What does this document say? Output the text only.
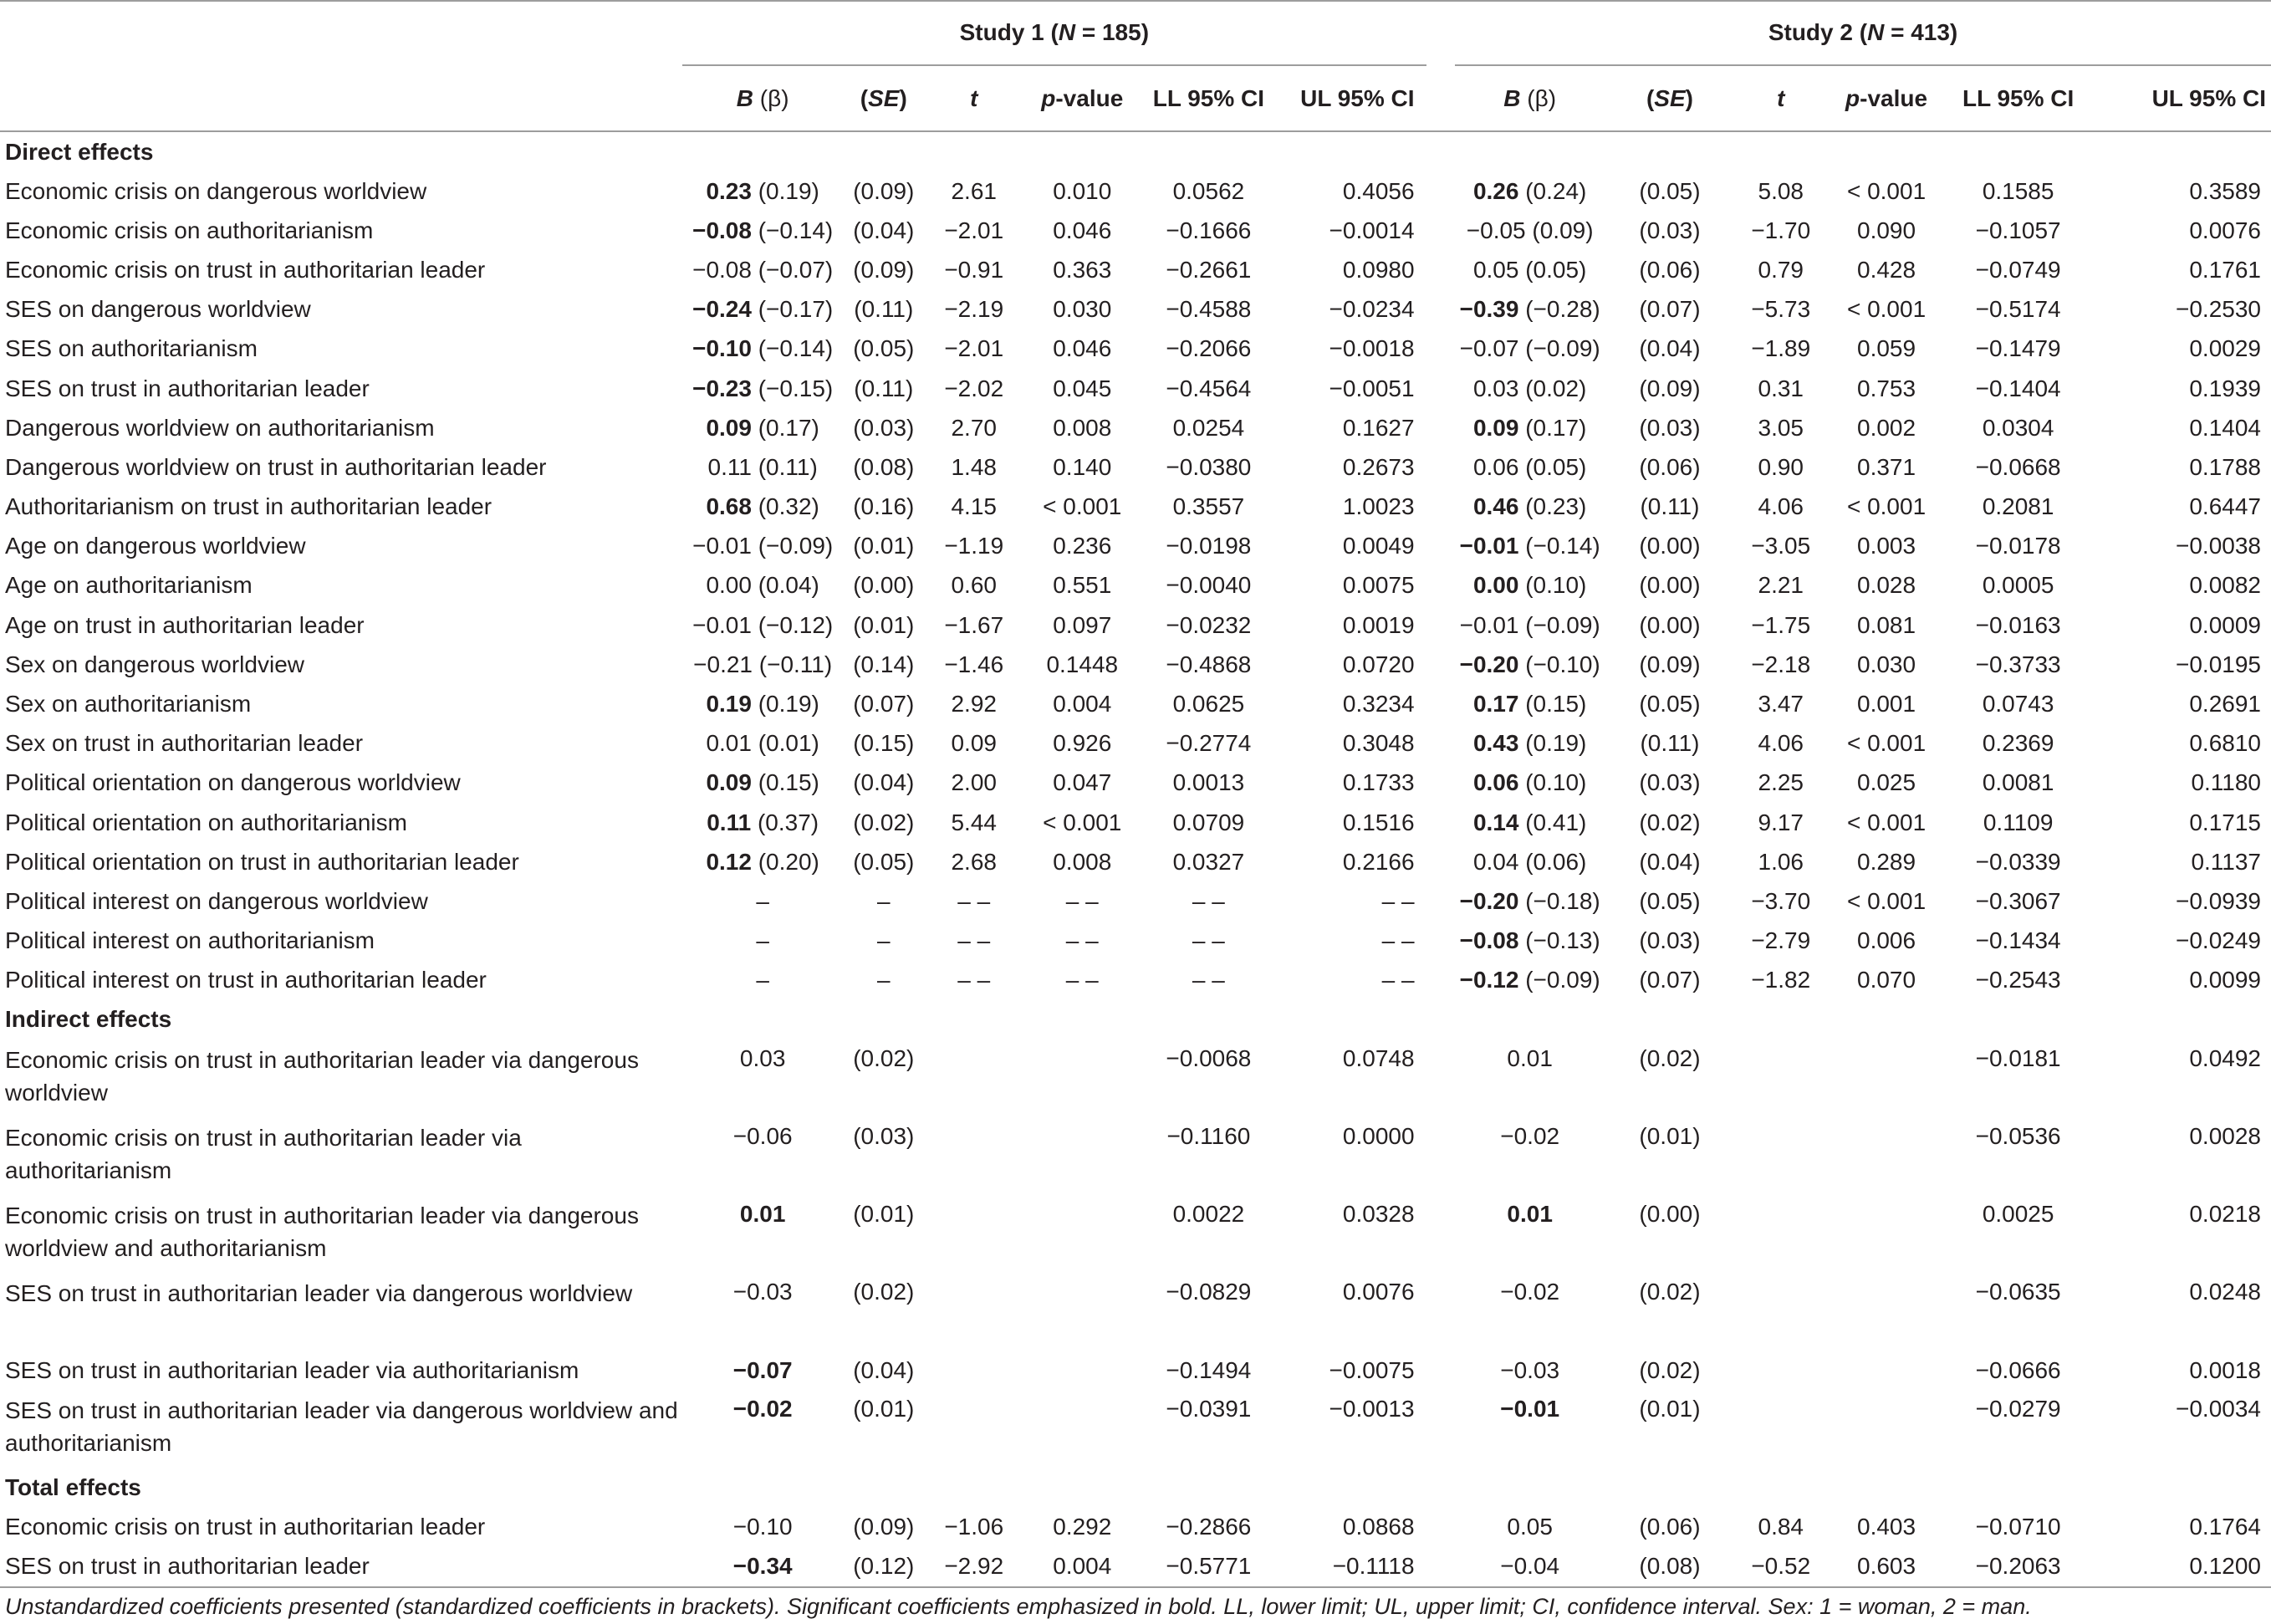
	Study 1 (N = 185)							Study 2 (N = 413)					

	B (β)	(SE)	t	p-value	LL 95% CI	UL 95% CI		B (β)	(SE)	t	p-value	LL 95% CI	UL 95% CI
Direct effects													
Economic crisis on dangerous worldview	0.23 (0.19)	(0.09)	2.61	0.010	0.0562	0.4056		0.26 (0.24)	(0.05)	5.08	< 0.001	0.1585	0.3589
Economic crisis on authoritarianism	−0.08 (−0.14)	(0.04)	−2.01	0.046	−0.1666	−0.0014		−0.05 (0.09)	(0.03)	−1.70	0.090	−0.1057	0.0076
Economic crisis on trust in authoritarian leader	−0.08 (−0.07)	(0.09)	−0.91	0.363	−0.2661	0.0980		0.05 (0.05)	(0.06)	0.79	0.428	−0.0749	0.1761
SES on dangerous worldview	−0.24 (−0.17)	(0.11)	−2.19	0.030	−0.4588	−0.0234		−0.39 (−0.28)	(0.07)	−5.73	< 0.001	−0.5174	−0.2530
SES on authoritarianism	−0.10 (−0.14)	(0.05)	−2.01	0.046	−0.2066	−0.0018		−0.07 (−0.09)	(0.04)	−1.89	0.059	−0.1479	0.0029
SES on trust in authoritarian leader	−0.23 (−0.15)	(0.11)	−2.02	0.045	−0.4564	−0.0051		0.03 (0.02)	(0.09)	0.31	0.753	−0.1404	0.1939
Dangerous worldview on authoritarianism	0.09 (0.17)	(0.03)	2.70	0.008	0.0254	0.1627		0.09 (0.17)	(0.03)	3.05	0.002	0.0304	0.1404
Dangerous worldview on trust in authoritarian leader	0.11 (0.11)	(0.08)	1.48	0.140	−0.0380	0.2673		0.06 (0.05)	(0.06)	0.90	0.371	−0.0668	0.1788
Authoritarianism on trust in authoritarian leader	0.68 (0.32)	(0.16)	4.15	< 0.001	0.3557	1.0023		0.46 (0.23)	(0.11)	4.06	< 0.001	0.2081	0.6447
Age on dangerous worldview	−0.01 (−0.09)	(0.01)	−1.19	0.236	−0.0198	0.0049		−0.01 (−0.14)	(0.00)	−3.05	0.003	−0.0178	−0.0038
Age on authoritarianism	0.00 (0.04)	(0.00)	0.60	0.551	−0.0040	0.0075		0.00 (0.10)	(0.00)	2.21	0.028	0.0005	0.0082
Age on trust in authoritarian leader	−0.01 (−0.12)	(0.01)	−1.67	0.097	−0.0232	0.0019		−0.01 (−0.09)	(0.00)	−1.75	0.081	−0.0163	0.0009
Sex on dangerous worldview	−0.21 (−0.11)	(0.14)	−1.46	0.1448	−0.4868	0.0720		−0.20 (−0.10)	(0.09)	−2.18	0.030	−0.3733	−0.0195
Sex on authoritarianism	0.19 (0.19)	(0.07)	2.92	0.004	0.0625	0.3234		0.17 (0.15)	(0.05)	3.47	0.001	0.0743	0.2691
Sex on trust in authoritarian leader	0.01 (0.01)	(0.15)	0.09	0.926	−0.2774	0.3048		0.43 (0.19)	(0.11)	4.06	< 0.001	0.2369	0.6810
Political orientation on dangerous worldview	0.09 (0.15)	(0.04)	2.00	0.047	0.0013	0.1733		0.06 (0.10)	(0.03)	2.25	0.025	0.0081	0.1180
Political orientation on authoritarianism	0.11 (0.37)	(0.02)	5.44	< 0.001	0.0709	0.1516		0.14 (0.41)	(0.02)	9.17	< 0.001	0.1109	0.1715
Political orientation on trust in authoritarian leader	0.12 (0.20)	(0.05)	2.68	0.008	0.0327	0.2166		0.04 (0.06)	(0.04)	1.06	0.289	−0.0339	0.1137
Political interest on dangerous worldview	–	–	– –	– –	– –	– –		−0.20 (−0.18)	(0.05)	−3.70	< 0.001	−0.3067	−0.0939
Political interest on authoritarianism	–	–	– –	– –	– –	– –		−0.08 (−0.13)	(0.03)	−2.79	0.006	−0.1434	−0.0249
Political interest on trust in authoritarian leader	–	–	– –	– –	– –	– –		−0.12 (−0.09)	(0.07)	−1.82	0.070	−0.2543	0.0099
Indirect effects													
Economic crisis on trust in authoritarian leader via dangerous worldview	0.03	(0.02)			−0.0068	0.0748		0.01	(0.02)			−0.0181	0.0492
Economic crisis on trust in authoritarian leader via authoritarianism	−0.06	(0.03)			−0.1160	0.0000		−0.02	(0.01)			−0.0536	0.0028
Economic crisis on trust in authoritarian leader via dangerous worldview and authoritarianism	0.01	(0.01)			0.0022	0.0328		0.01	(0.00)			0.0025	0.0218
SES on trust in authoritarian leader via dangerous worldview	−0.03	(0.02)			−0.0829	0.0076		−0.02	(0.02)			−0.0635	0.0248
SES on trust in authoritarian leader via authoritarianism	−0.07	(0.04)			−0.1494	−0.0075		−0.03	(0.02)			−0.0666	0.0018
SES on trust in authoritarian leader via dangerous worldview and authoritarianism	−0.02	(0.01)			−0.0391	−0.0013		−0.01	(0.01)			−0.0279	−0.0034
Total effects													
Economic crisis on trust in authoritarian leader	−0.10	(0.09)	−1.06	0.292	−0.2866	0.0868		0.05	(0.06)	0.84	0.403	−0.0710	0.1764
SES on trust in authoritarian leader	−0.34	(0.12)	−2.92	0.004	−0.5771	−0.1118		−0.04	(0.08)	−0.52	0.603	−0.2063	0.1200
Unstandardized coefficients presented (standardized coefficients in brackets). Significant coefficients emphasized in bold. LL, lower limit; UL, upper limit; CI, confidence interval. Sex: 1 = woman, 2 = man.
